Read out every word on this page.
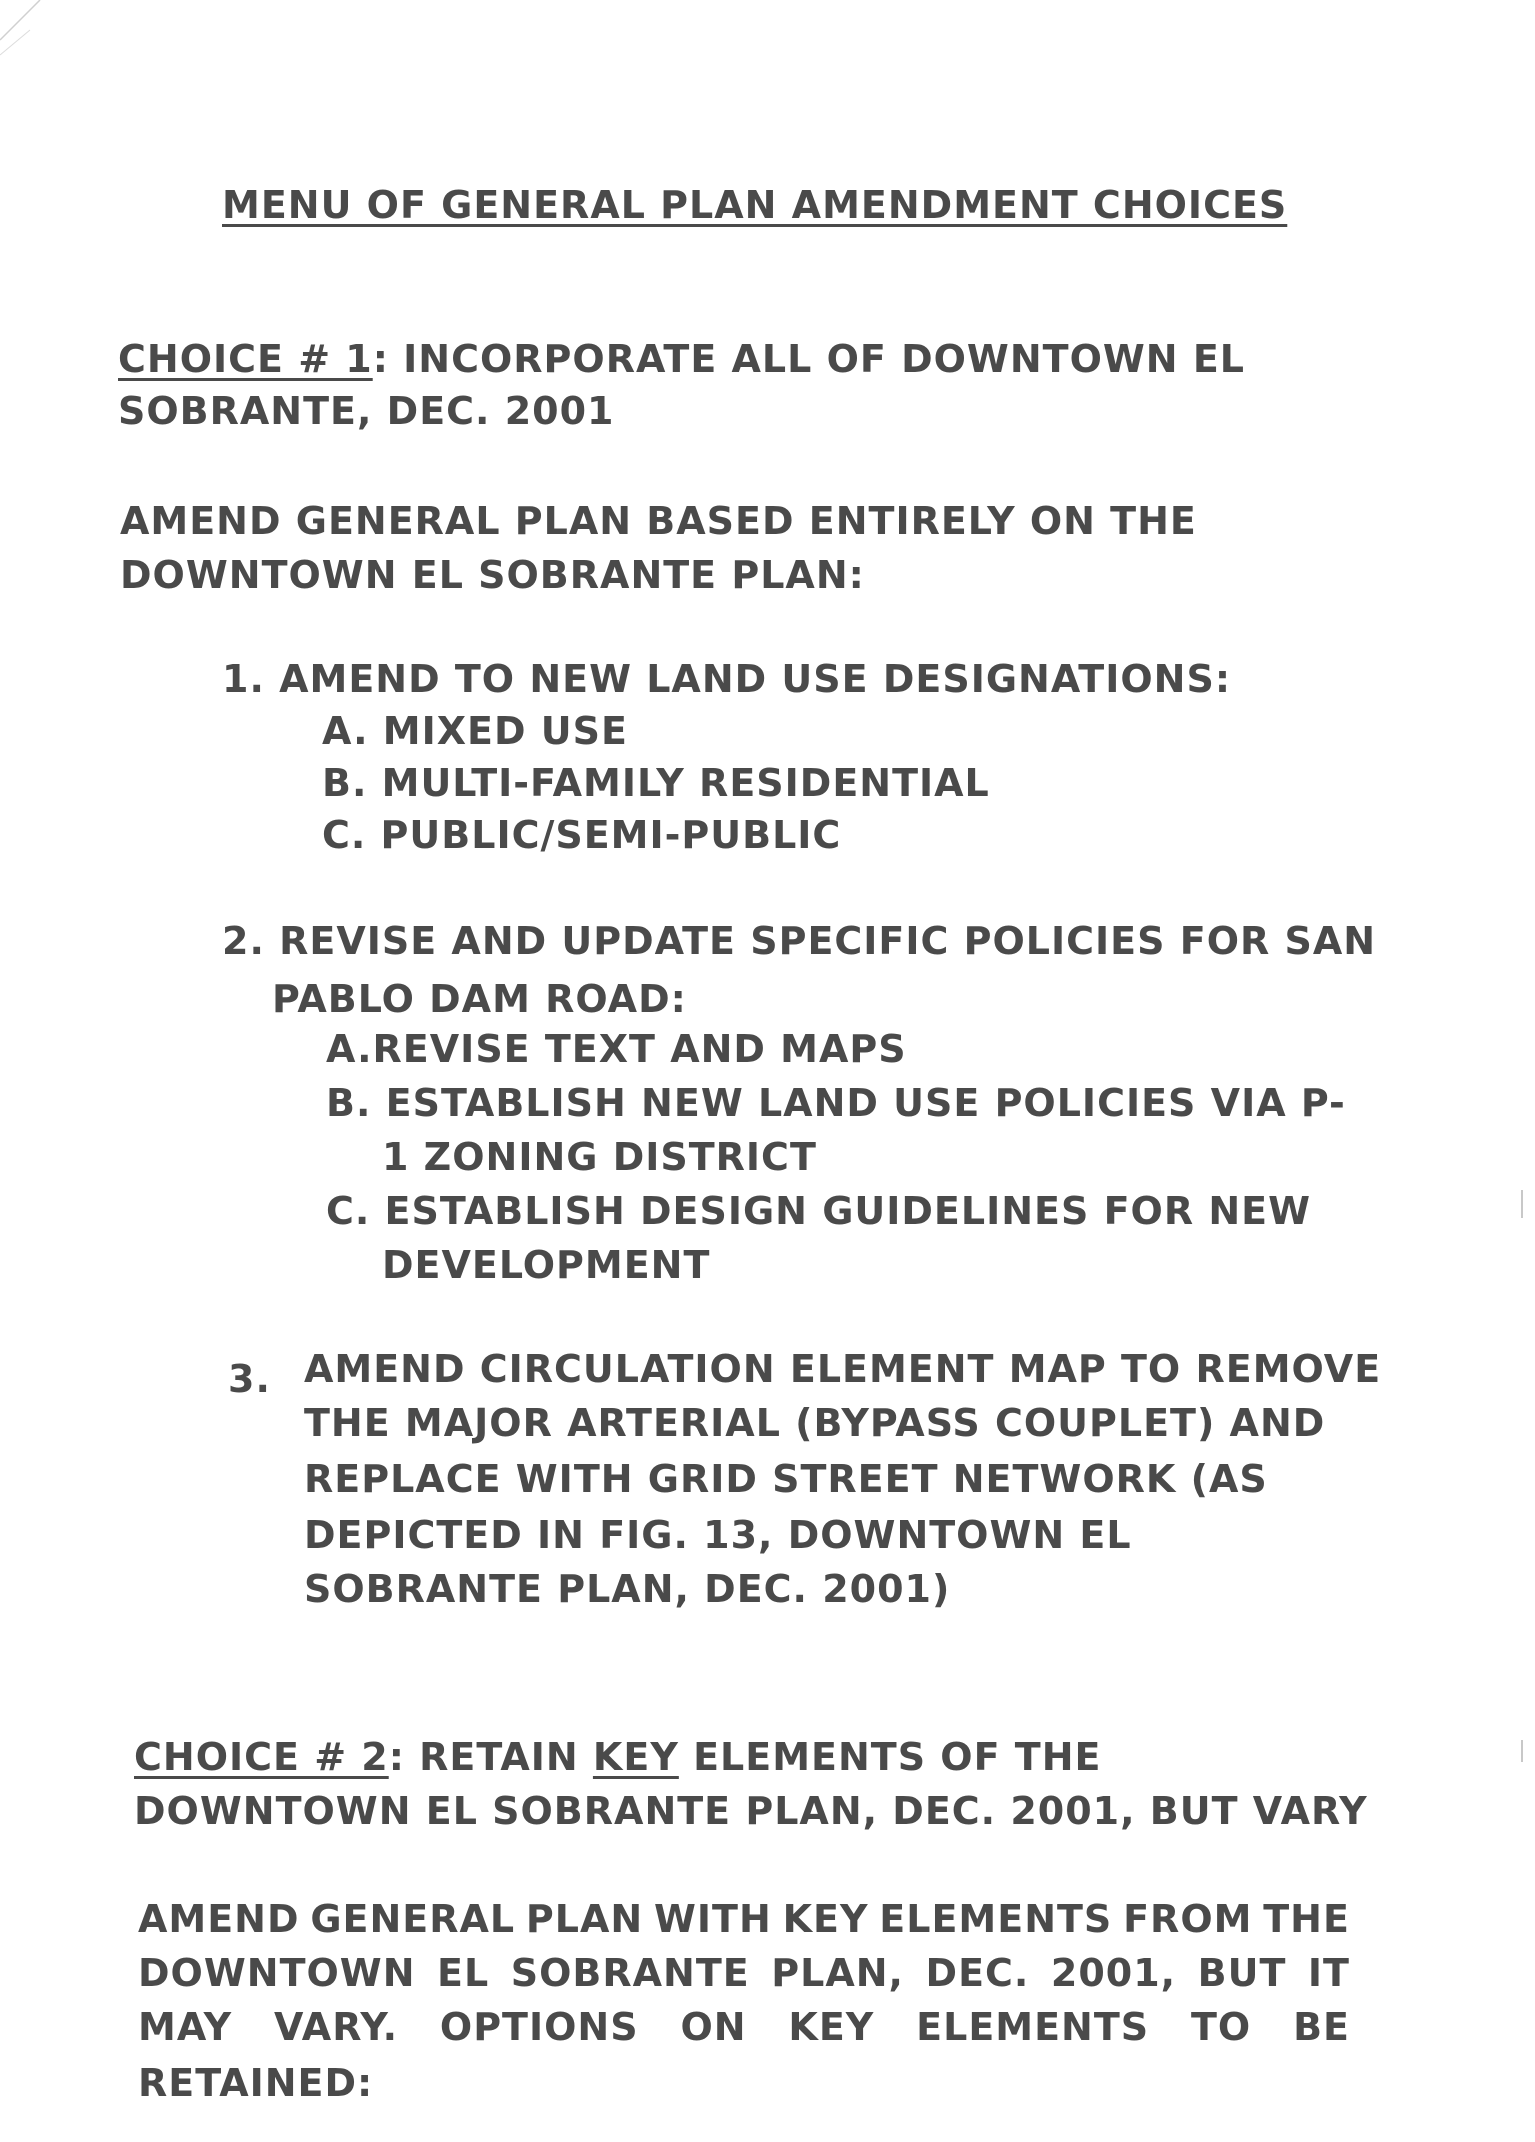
MENU OF GENERAL PLAN AMENDMENT CHOICES
CHOICE # 1: INCORPORATE ALL OF DOWNTOWN EL
SOBRANTE, DEC. 2001
AMEND GENERAL PLAN BASED ENTIRELY ON THE
DOWNTOWN EL SOBRANTE PLAN:
1. AMEND TO NEW LAND USE DESIGNATIONS:
A. MIXED USE
B. MULTI-FAMILY RESIDENTIAL
C. PUBLIC/SEMI-PUBLIC
2. REVISE AND UPDATE SPECIFIC POLICIES FOR SAN
PABLO DAM ROAD:
A.REVISE TEXT AND MAPS
B. ESTABLISH NEW LAND USE POLICIES VIA P-
1 ZONING DISTRICT
C. ESTABLISH DESIGN GUIDELINES FOR NEW
DEVELOPMENT
3. AMEND CIRCULATION ELEMENT MAP TO REMOVE
THE MAJOR ARTERIAL (BYPASS COUPLET) AND
REPLACE WITH GRID STREET NETWORK (AS
DEPICTED IN FIG. 13, DOWNTOWN EL
SOBRANTE PLAN, DEC. 2001)
CHOICE # 2: RETAIN KEY ELEMENTS OF THE
DOWNTOWN EL SOBRANTE PLAN, DEC. 2001, BUT VARY
AMEND GENERAL PLAN WITH KEY ELEMENTS FROM THE
DOWNTOWN EL SOBRANTE PLAN, DEC. 2001, BUT IT
MAY VARY. OPTIONS ON KEY ELEMENTS TO BE
RETAINED:
